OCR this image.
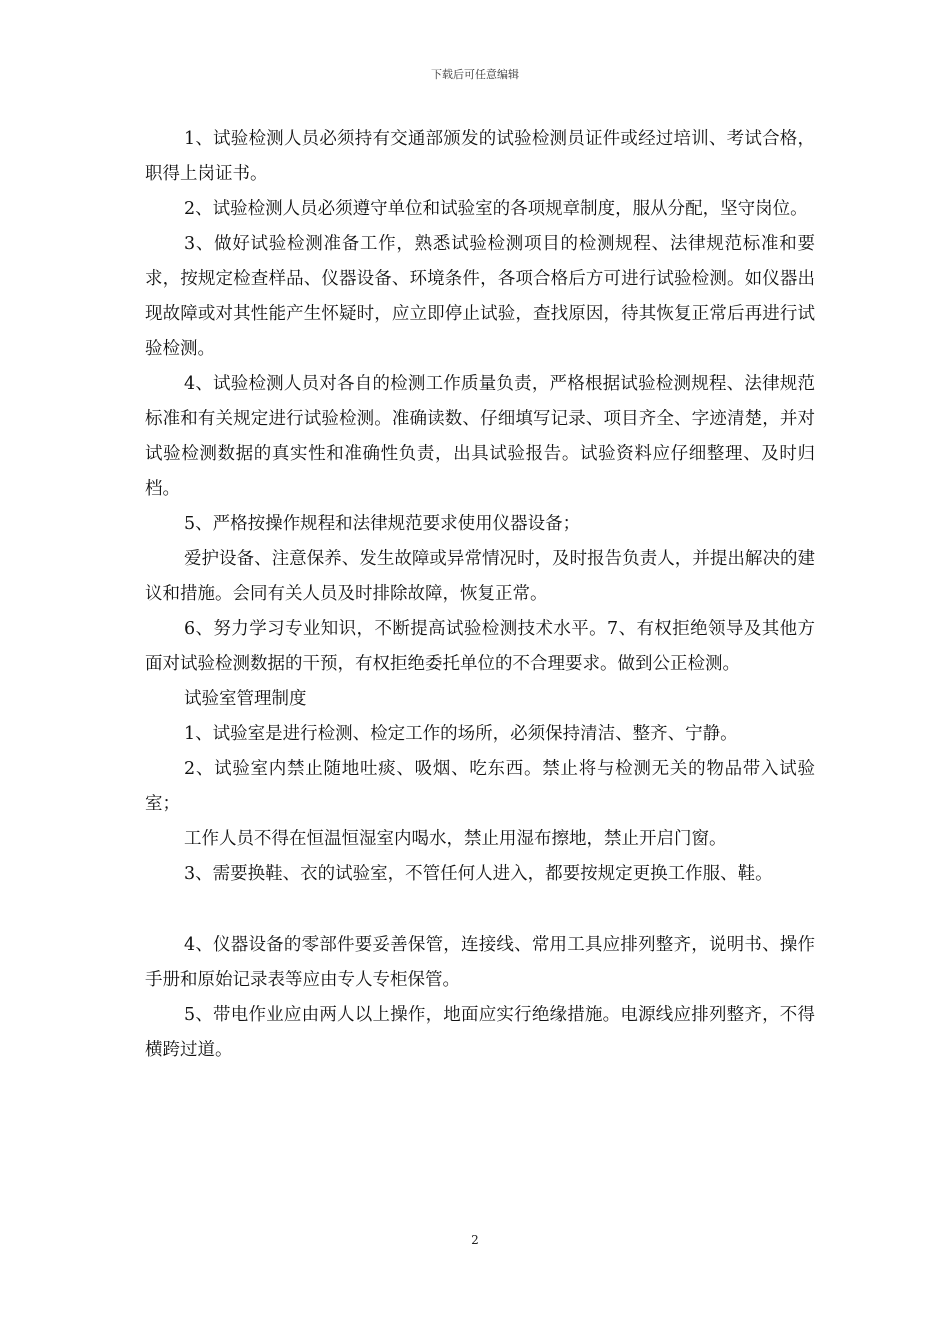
下载后可任意编辑

1、试验检测人员必须持有交通部颁发的试验检测员证件或经过培训、考试合格，职得上岗证书。

2、试验检测人员必须遵守单位和试验室的各项规章制度，服从分配，坚守岗位。

3、做好试验检测准备工作，熟悉试验检测项目的检测规程、法律规范标准和要求，按规定检查样品、仪器设备、环境条件，各项合格后方可进行试验检测。如仪器出现故障或对其性能产生怀疑时，应立即停止试验，查找原因，待其恢复正常后再进行试验检测。

4、试验检测人员对各自的检测工作质量负责，严格根据试验检测规程、法律规范标准和有关规定进行试验检测。准确读数、仔细填写记录、项目齐全、字迹清楚，并对试验检测数据的真实性和准确性负责，出具试验报告。试验资料应仔细整理、及时归档。

5、严格按操作规程和法律规范要求使用仪器设备；

爱护设备、注意保养、发生故障或异常情况时，及时报告负责人，并提出解决的建议和措施。会同有关人员及时排除故障，恢复正常。

6、努力学习专业知识，不断提高试验检测技术水平。7、有权拒绝领导及其他方面对试验检测数据的干预，有权拒绝委托单位的不合理要求。做到公正检测。

试验室管理制度

1、试验室是进行检测、检定工作的场所，必须保持清洁、整齐、宁静。

2、试验室内禁止随地吐痰、吸烟、吃东西。禁止将与检测无关的物品带入试验室；

工作人员不得在恒温恒湿室内喝水，禁止用湿布擦地，禁止开启门窗。

3、需要换鞋、衣的试验室，不管任何人进入，都要按规定更换工作服、鞋。

4、仪器设备的零部件要妥善保管，连接线、常用工具应排列整齐，说明书、操作手册和原始记录表等应由专人专柜保管。

5、带电作业应由两人以上操作，地面应实行绝缘措施。电源线应排列整齐，不得横跨过道。

2
